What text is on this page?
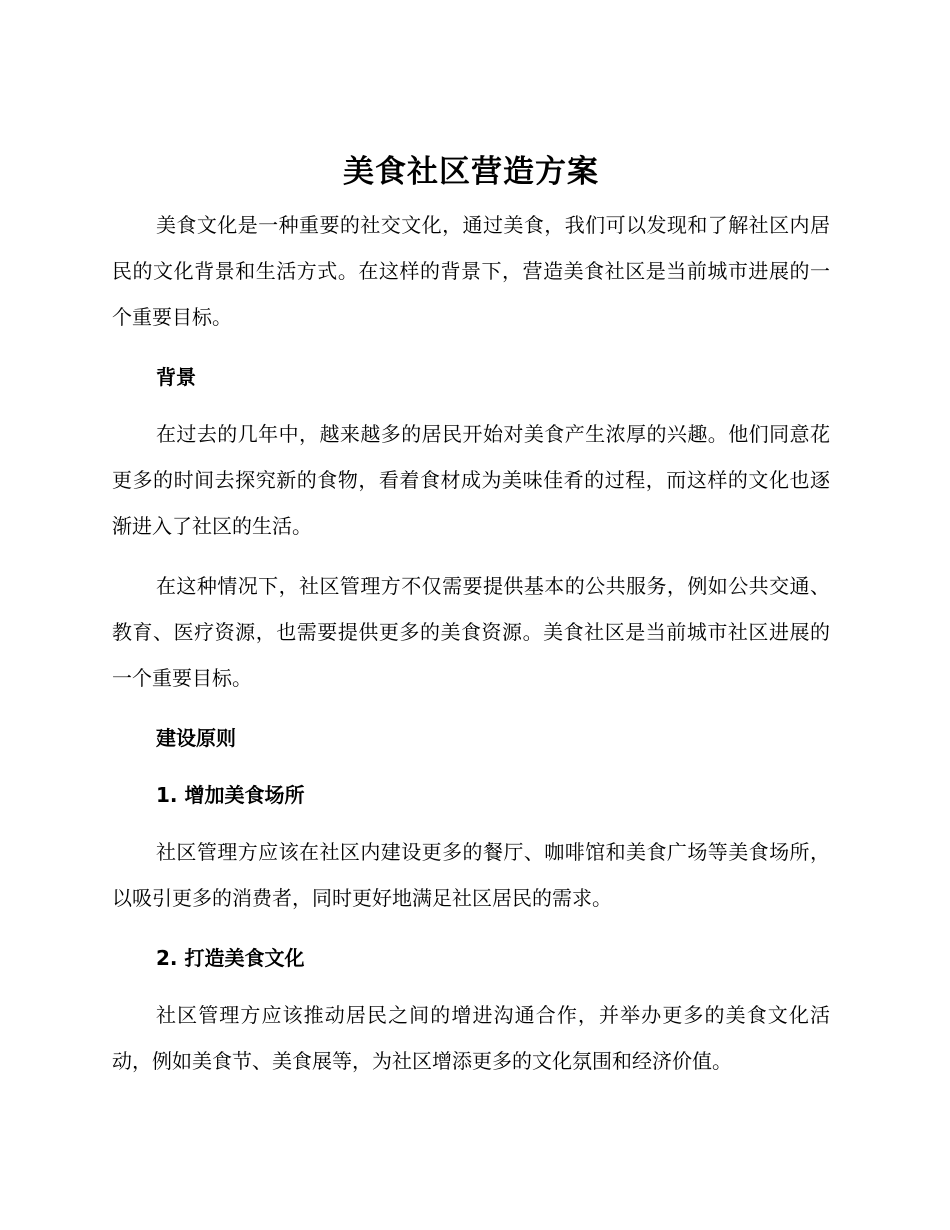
美食社区营造方案

美食文化是一种重要的社交文化，通过美食，我们可以发现和了解社区内居民的文化背景和生活方式。在这样的背景下，营造美食社区是当前城市进展的一个重要目标。

背景

在过去的几年中，越来越多的居民开始对美食产生浓厚的兴趣。他们同意花更多的时间去探究新的食物，看着食材成为美味佳肴的过程，而这样的文化也逐渐进入了社区的生活。

在这种情况下，社区管理方不仅需要提供基本的公共服务，例如公共交通、教育、医疗资源，也需要提供更多的美食资源。美食社区是当前城市社区进展的一个重要目标。

建设原则
1. 增加美食场所

社区管理方应该在社区内建设更多的餐厅、咖啡馆和美食广场等美食场所，以吸引更多的消费者，同时更好地满足社区居民的需求。

2. 打造美食文化

社区管理方应该推动居民之间的增进沟通合作，并举办更多的美食文化活动，例如美食节、美食展等，为社区增添更多的文化氛围和经济价值。
